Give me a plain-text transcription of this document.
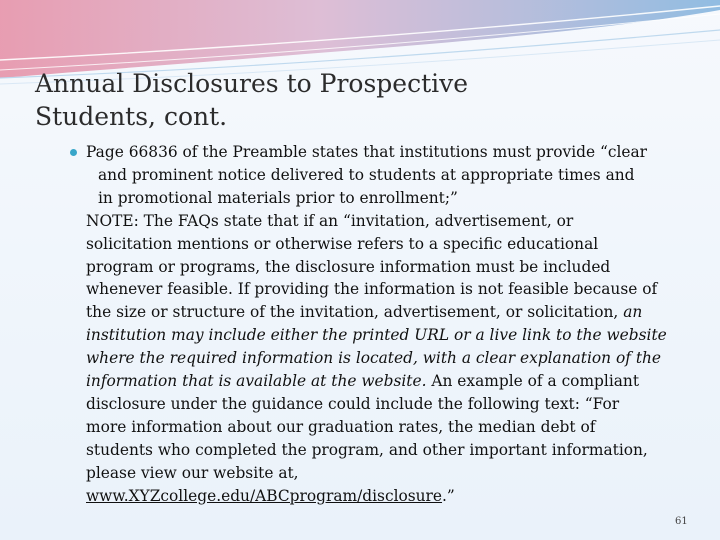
Annual Disclosures to Prospective
Students, cont.
Page 66836 of the Preamble states that institutions must provide “clear
and prominent notice delivered to students at appropriate times and
in promotional materials prior to enrollment;”
NOTE: The FAQs state that if an “invitation, advertisement, or
solicitation mentions or otherwise refers to a specific educational
program or programs, the disclosure information must be included
whenever feasible. If providing the information is not feasible because of
the size or structure of the invitation, advertisement, or solicitation, an
institution may include either the printed URL or a live link to the website
where the required information is located, with a clear explanation of the
information that is available at the website. An example of a compliant
disclosure under the guidance could include the following text: “For
more information about our graduation rates, the median debt of
students who completed the program, and other important information,
please view our website at,
www.XYZcollege.edu/ABCprogram/disclosure.”
61
